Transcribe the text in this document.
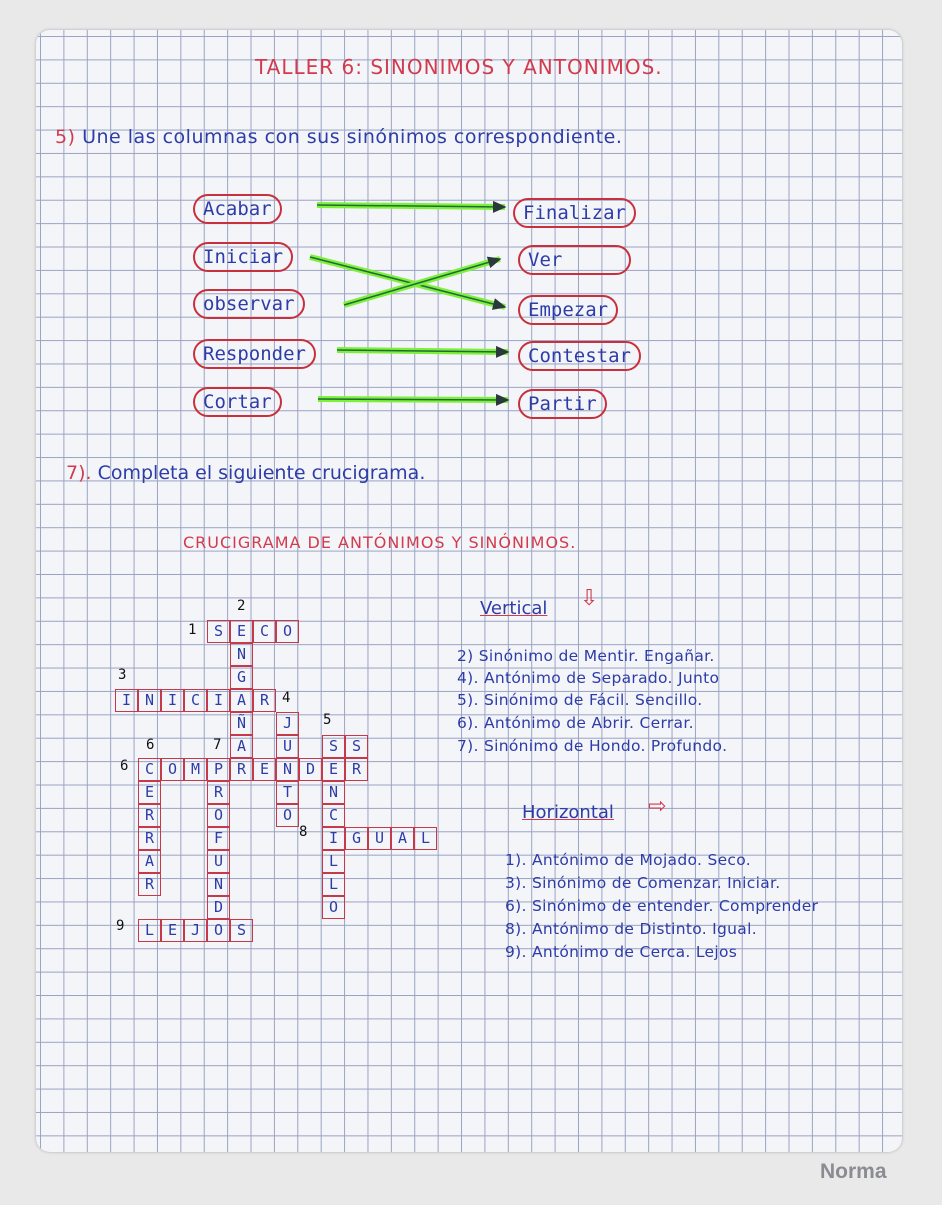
TALLER 6: SINONIMOS Y ANTONIMOS.
5) Une las columnas con sus sinónimos correspondiente.
Acabar
Iniciar
observar
Responder
Cortar
Finalizar
Ver
Empezar
Contestar
Partir
7). Completa el siguiente crucigrama.
CRUCIGRAMA DE ANTÓNIMOS Y SINÓNIMOS.
1
2
3
4
5
6
6
7
8
9
S E C O
N
G
I N I C I A R
Ñ	J
S
A	U	S
C O M P R E N D E R
T	N
E	R
O	C
R	O
R	F	I G U A L
A	U	L
R	N	L
D	O
L E J O S
Vertical ⇩
2) Sinónimo de Mentir. Engañar.
4). Antónimo de Separado. Junto
5). Sinónimo de Fácil. Sencillo.
6). Antónimo de Abrir. Cerrar.
7). Sinónimo de Hondo. Profundo.
Horizontal ⇨
1). Antónimo de Mojado. Seco.
3). Sinónimo de Comenzar. Iniciar.
6). Sinónimo de entender. Comprender
8). Antónimo de Distinto. Igual.
9). Antónimo de Cerca. Lejos
Norma
